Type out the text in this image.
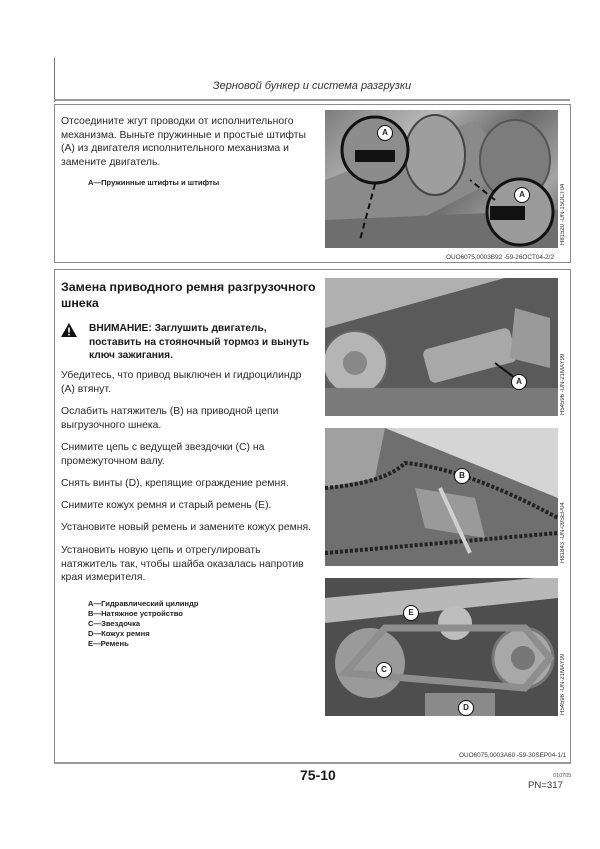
Зерновой бункер и система разгрузки
Отсоедините жгут проводки от исполнительного механизма. Выньте пружинные и простые штифты (A) из двигателя исполнительного механизма и замените двигатель.
A—Пружинные штифты и штифты
A
A	H81520 -UN-15OCT04
OUO6075,0003B92 -59-26OCT04-2/2
Замена приводного ремня разгрузочного шнека
ВНИМАНИЕ: Заглушить двигатель, поставить на стояночный тормоз и вынуть ключ зажигания.
Убедитесь, что привод выключен и гидроцилиндр (A) втянут.
Ослабить натяжитель (B) на приводной цепи выгрузочного шнека.
Снимите цепь с ведущей звездочки (C) на промежуточном валу.
Снять винты (D), крепящие ограждение ремня.
Снимите кожух ремня и старый ремень (E).
Установите новый ремень и замените кожух ремня.
Установить новую цепь и отрегулировать натяжитель так, чтобы шайба оказалась напротив края измерителя.
A—Гидравлический цилиндр
B—Натяжное устройство
C—Звездочка
D—Кожух ремня
E—Ремень
A	H54596 -UN-21MAY99
B
H81843 -UN-09SEP04
E
C
D	H54598 -UN-21MAY99
OUO6075,0003A60 -59-30SEP04-1/1
75-10	010705
PN=317
